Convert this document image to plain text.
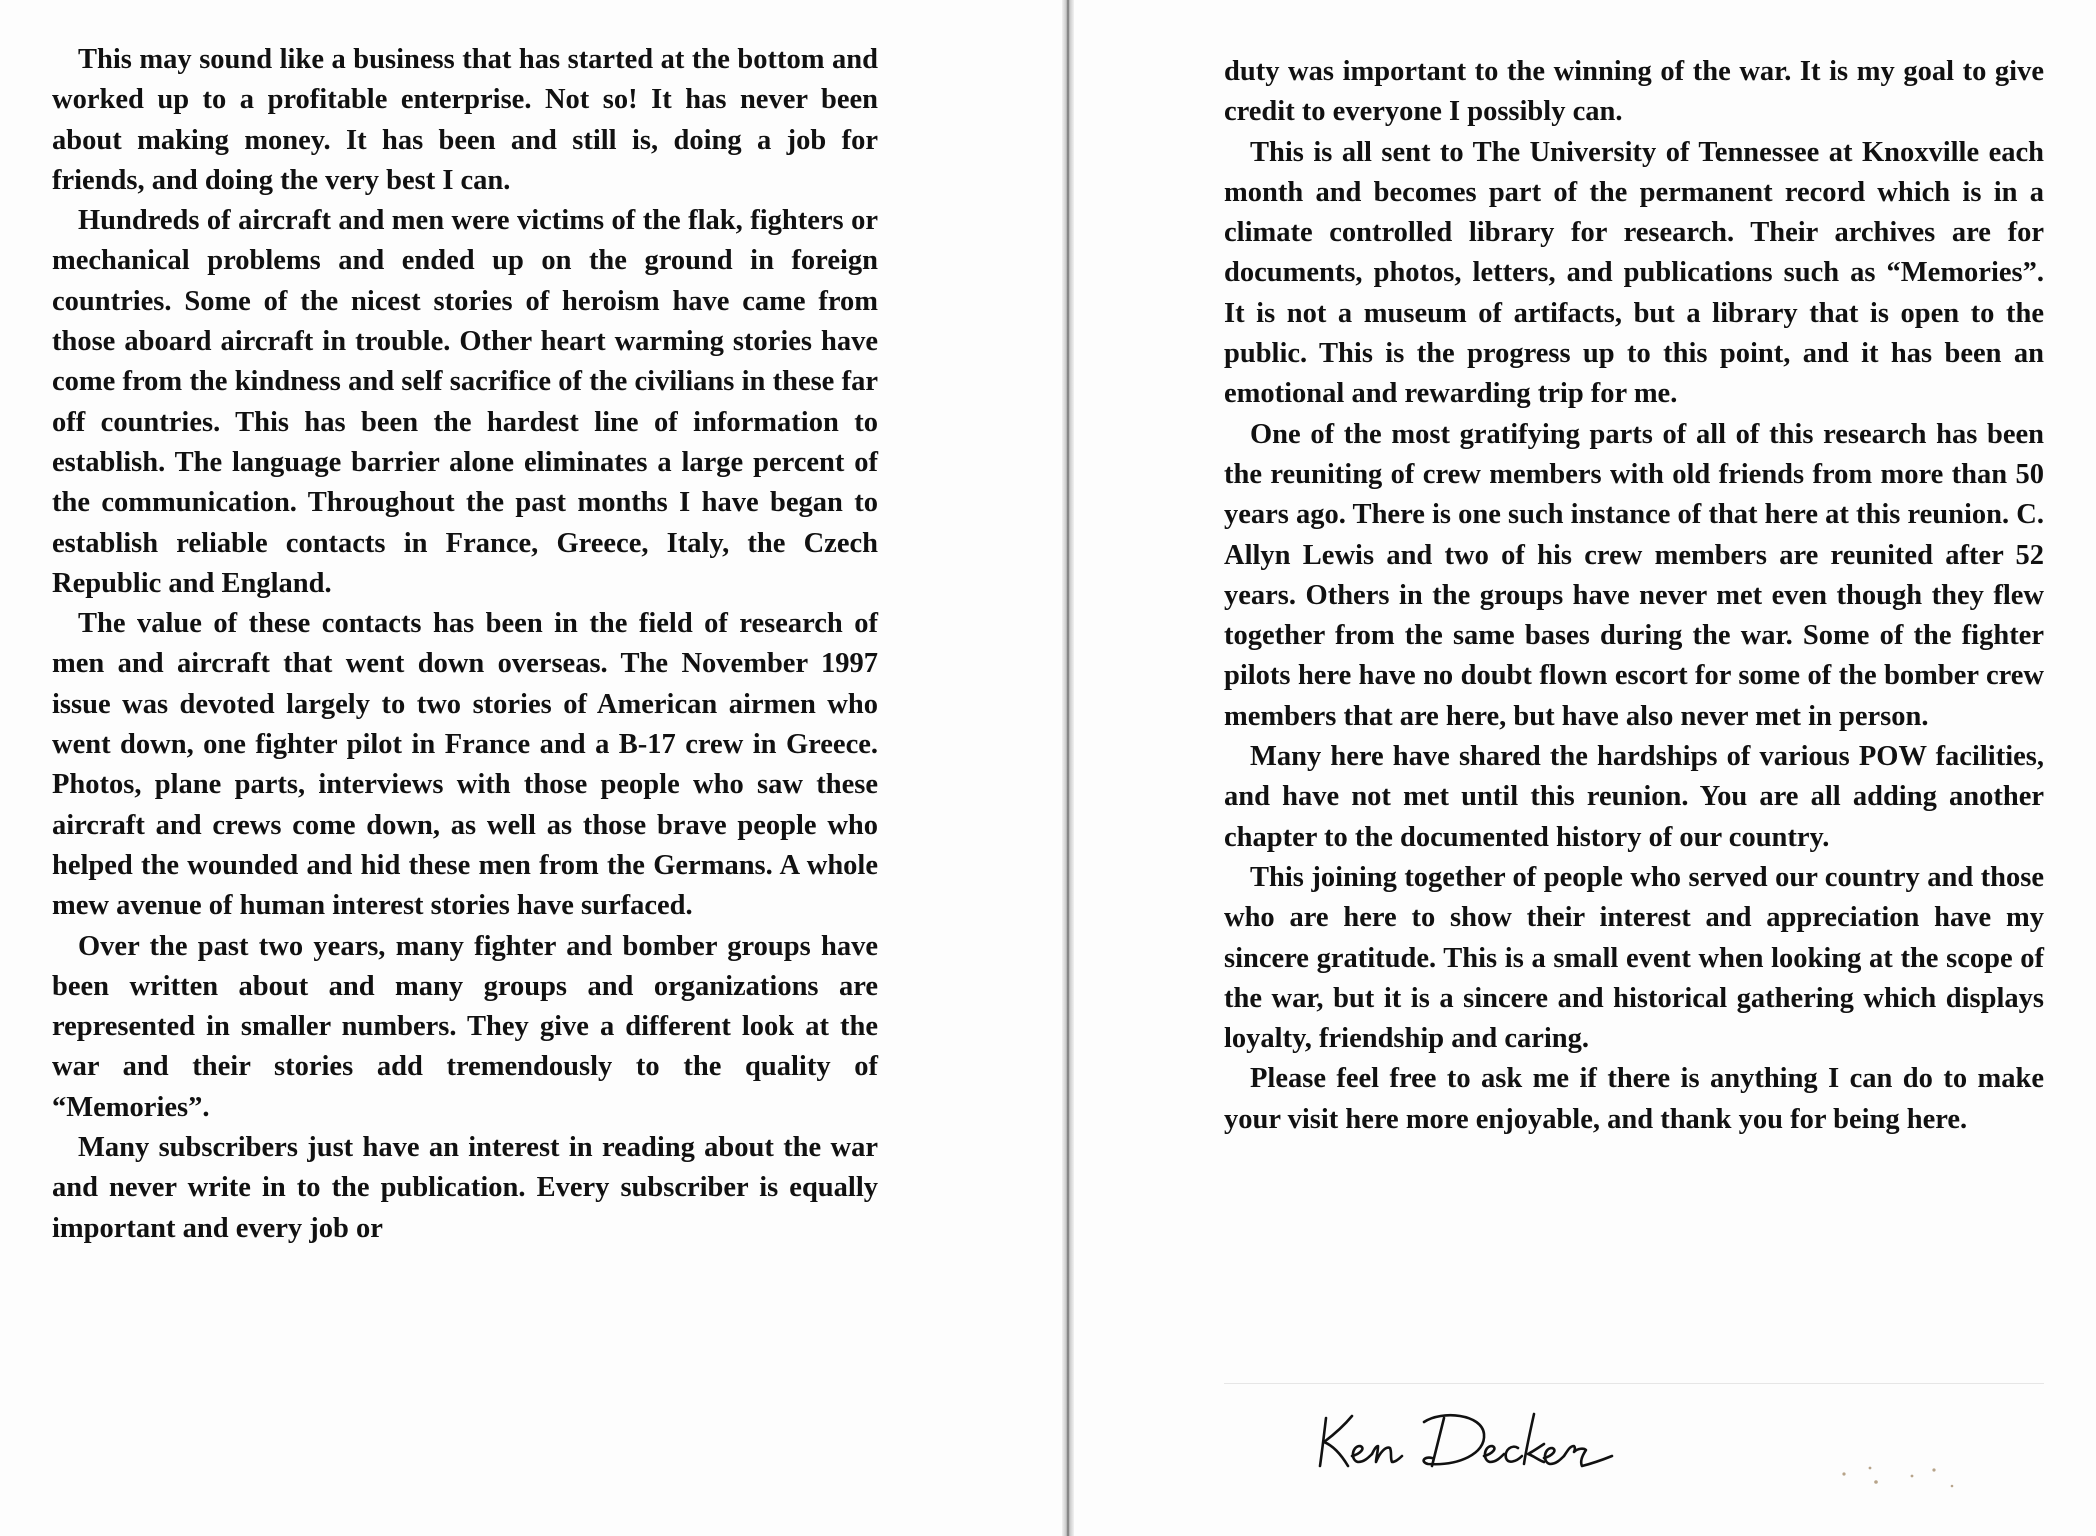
This may sound like a business that has started at the bottom and worked up to a profitable enterprise. Not so! It has never been about making money. It has been and still is, doing a job for friends, and doing the very best I can.

Hundreds of aircraft and men were victims of the flak, fighters or mechanical problems and ended up on the ground in foreign countries. Some of the nicest stories of heroism have came from those aboard aircraft in trouble. Other heart warming stories have come from the kindness and self sacrifice of the civilians in these far off countries. This has been the hardest line of information to establish. The language barrier alone eliminates a large percent of the communication. Throughout the past months I have began to establish reliable contacts in France, Greece, Italy, the Czech Republic and England.

The value of these contacts has been in the field of research of men and aircraft that went down overseas. The November 1997 issue was devoted largely to two stories of American airmen who went down, one fighter pilot in France and a B-17 crew in Greece. Photos, plane parts, interviews with those people who saw these aircraft and crews come down, as well as those brave people who helped the wounded and hid these men from the Germans. A whole mew avenue of human interest stories have surfaced.

Over the past two years, many fighter and bomber groups have been written about and many groups and organizations are represented in smaller numbers. They give a different look at the war and their stories add tremendously to the quality of “Memories”.

Many subscribers just have an interest in reading about the war and never write in to the publication. Every subscriber is equally important and every job or

duty was important to the winning of the war. It is my goal to give credit to everyone I possibly can.

This is all sent to The University of Tennessee at Knoxville each month and becomes part of the permanent record which is in a climate controlled library for research. Their archives are for documents, photos, letters, and publications such as “Memories”. It is not a museum of artifacts, but a library that is open to the public. This is the progress up to this point, and it has been an emotional and rewarding trip for me.

One of the most gratifying parts of all of this research has been the reuniting of crew members with old friends from more than 50 years ago. There is one such instance of that here at this reunion. C. Allyn Lewis and two of his crew members are reunited after 52 years. Others in the groups have never met even though they flew together from the same bases during the war. Some of the fighter pilots here have no doubt flown escort for some of the bomber crew members that are here, but have also never met in person.

Many here have shared the hardships of various POW facilities, and have not met until this reunion. You are all adding another chapter to the documented history of our country.

This joining together of people who served our country and those who are here to show their interest and appreciation have my sincere gratitude. This is a small event when looking at the scope of the war, but it is a sincere and historical gathering which displays loyalty, friendship and caring.

Please feel free to ask me if there is anything I can do to make your visit here more enjoyable, and thank you for being here.
